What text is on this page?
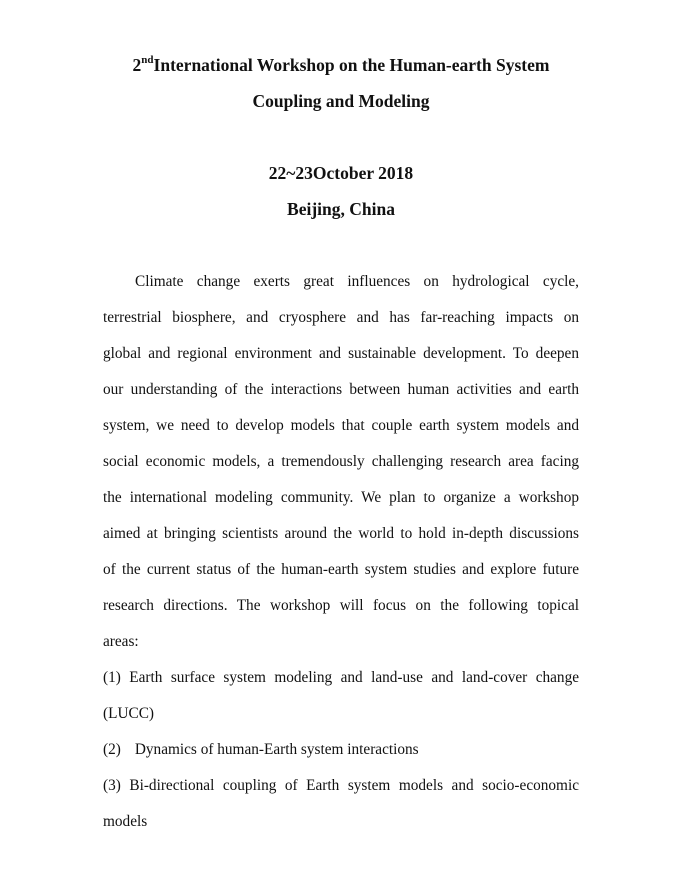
2ndInternational Workshop on the Human-earth System
Coupling and Modeling

22~23October 2018

Beijing, China

Climate change exerts great influences on hydrological cycle,
terrestrial biosphere, and cryosphere and has far-reaching impacts on
global and regional environment and sustainable development. To deepen
our understanding of the interactions between human activities and earth
system, we need to develop models that couple earth system models and
social economic models, a tremendously challenging research area facing
the international modeling community. We plan to organize a workshop
aimed at bringing scientists around the world to hold in-depth discussions
of the current status of the human-earth system studies and explore future
research directions. The workshop will focus on the following topical
areas:
(1) Earth surface system modeling and land-use and land-cover change
(LUCC)
(2) Dynamics of human-Earth system interactions
(3) Bi-directional coupling of Earth system models and socio-economic
models
